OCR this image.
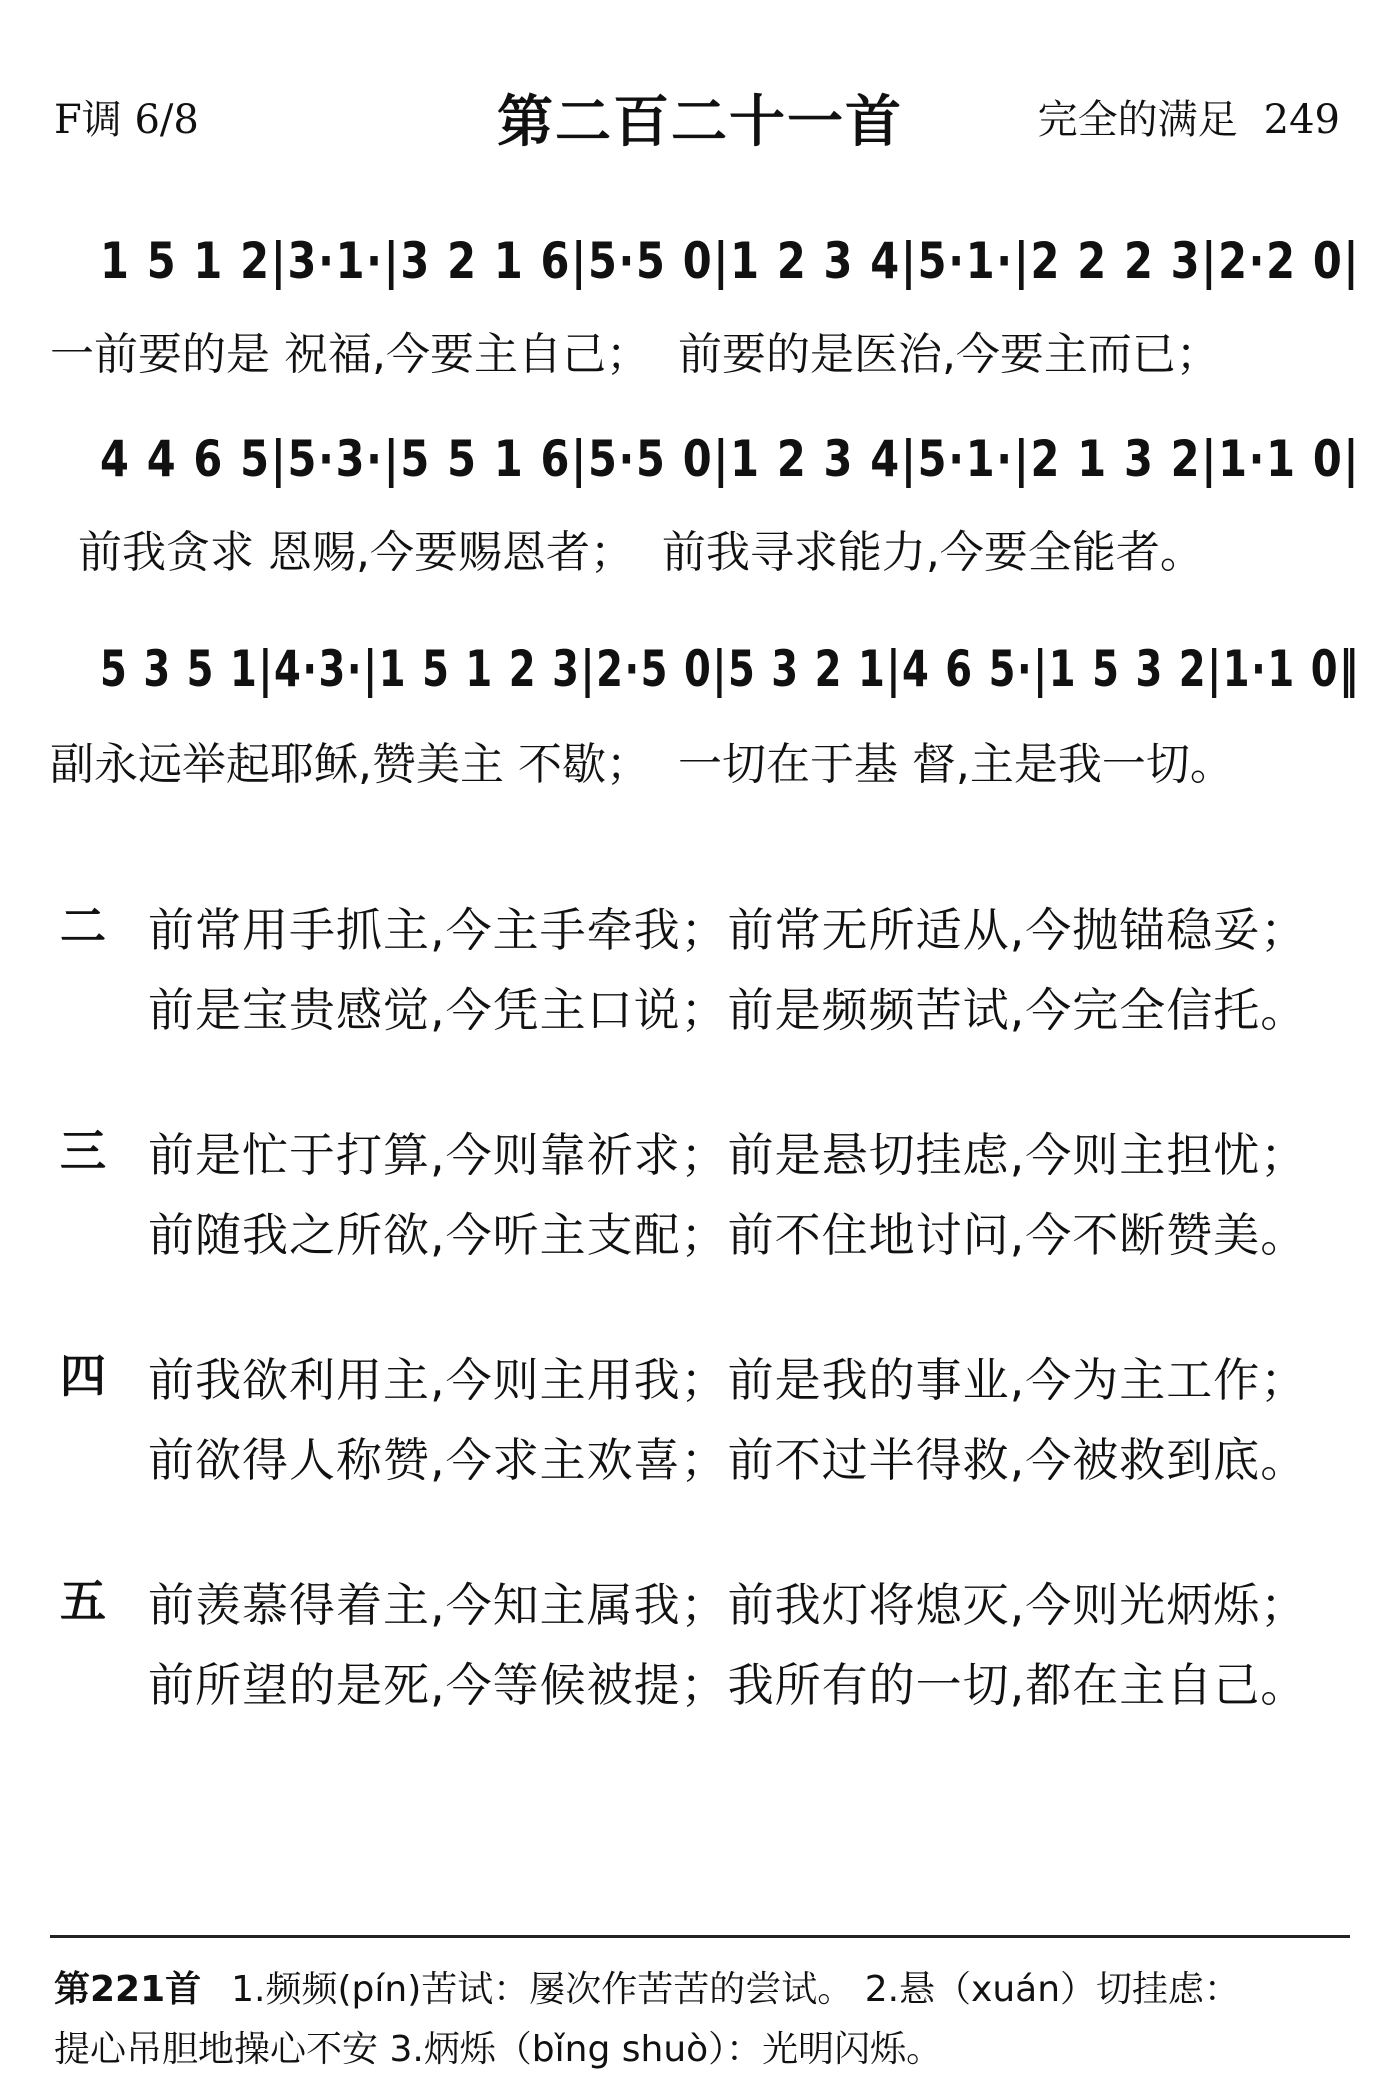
F调 6/8	第二百二十一首	完全的满足 249
1 5 1 2|3·1·|3 2 1 6|5·5 0|1 2 3 4|5·1·|2 2 2 3|2·2 0|
一前要的是 祝福,今要主自己；  前要的是医治,今要主而已；
4 4 6 5|5·3·|5 5 1 6|5·5 0|1 2 3 4|5·1·|2 1 3 2|1·1 0|
前我贪求 恩赐,今要赐恩者；  前我寻求能力,今要全能者。
5 3 5 1|4·3·|1 5 1 2 3|2·5 0|5 3 2 1|4 6 5·|1 5 3 2|1·1 0‖
副永远举起耶稣,赞美主 不歇；  一切在于基 督,主是我一切。
二 前常用手抓主,今主手牵我；前常无所适从,今抛锚稳妥；
前是宝贵感觉,今凭主口说；前是频频苦试,今完全信托。
三 前是忙于打算,今则靠祈求；前是悬切挂虑,今则主担忧；
前随我之所欲,今听主支配；前不住地讨问,今不断赞美。
四 前我欲利用主,今则主用我；前是我的事业,今为主工作；
前欲得人称赞,今求主欢喜；前不过半得救,今被救到底。
五 前羡慕得着主,今知主属我；前我灯将熄灭,今则光炳烁；
前所望的是死,今等候被提；我所有的一切,都在主自己。
第221首 1.频频(pín)苦试：屡次作苦苦的尝试。 2.悬（xuán）切挂虑：
提心吊胆地操心不安 3.炳烁（bǐng shuò）：光明闪烁。
